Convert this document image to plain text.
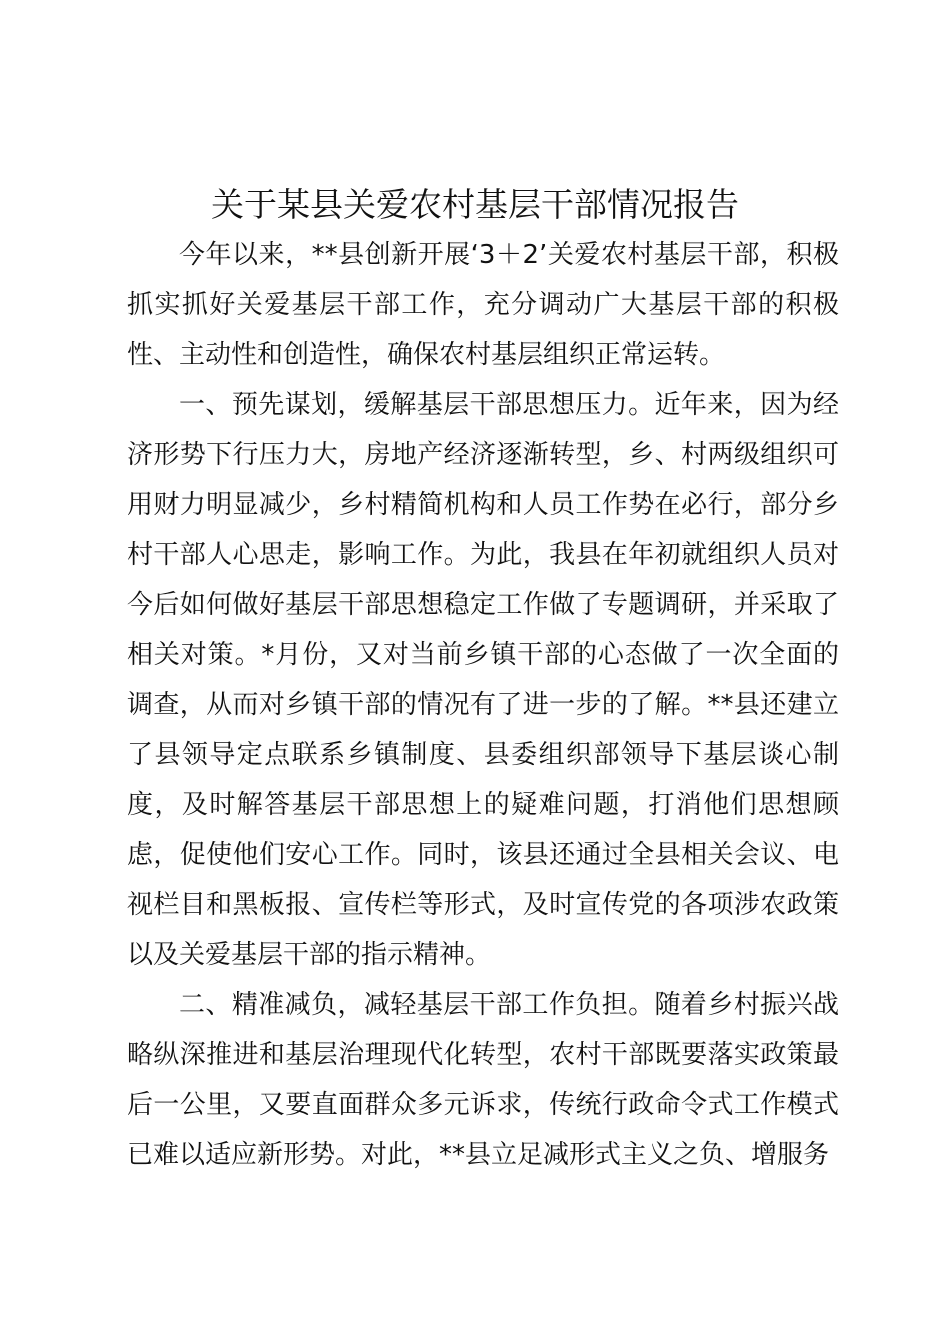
关于某县关爱农村基层干部情况报告

今年以来，**县创新开展‘3＋2’关爱农村基层干部，积极抓实抓好关爱基层干部工作，充分调动广大基层干部的积极性、主动性和创造性，确保农村基层组织正常运转。

一、预先谋划，缓解基层干部思想压力。近年来，因为经济形势下行压力大，房地产经济逐渐转型，乡、村两级组织可用财力明显减少，乡村精简机构和人员工作势在必行，部分乡村干部人心思走，影响工作。为此，我县在年初就组织人员对今后如何做好基层干部思想稳定工作做了专题调研，并采取了相关对策。*月份，又对当前乡镇干部的心态做了一次全面的调查，从而对乡镇干部的情况有了进一步的了解。**县还建立了县领导定点联系乡镇制度、县委组织部领导下基层谈心制度，及时解答基层干部思想上的疑难问题，打消他们思想顾虑，促使他们安心工作。同时，该县还通过全县相关会议、电视栏目和黑板报、宣传栏等形式，及时宣传党的各项涉农政策以及关爱基层干部的指示精神。

二、精准减负，减轻基层干部工作负担。随着乡村振兴战略纵深推进和基层治理现代化转型，农村干部既要落实政策最后一公里，又要直面群众多元诉求，传统行政命令式工作模式已难以适应新形势。对此，**县立足减形式主义之负、增服务
